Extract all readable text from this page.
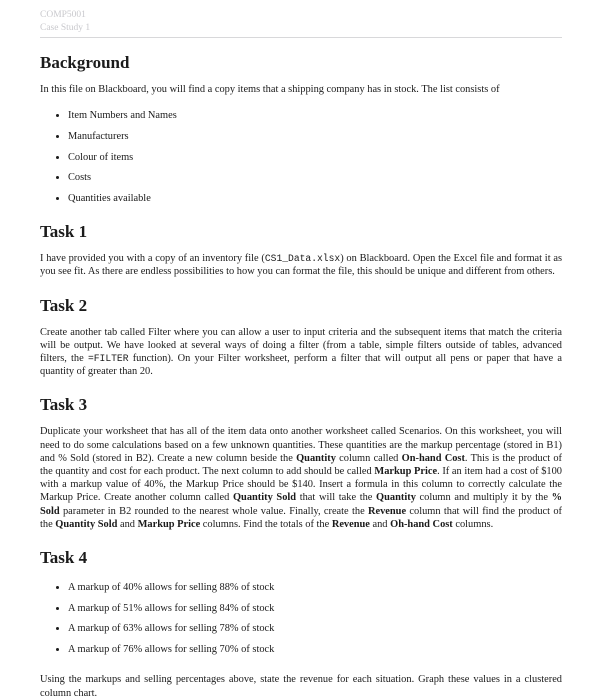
COMP5001
Case Study 1
Background

In this file on Blackboard, you will find a copy items that a shipping company has in stock. The list consists of

• Item Numbers and Names
• Manufacturers
• Colour of items
• Costs
• Quantities available
Task 1

I have provided you with a copy of an inventory file (CS1_Data.xlsx) on Blackboard. Open the Excel file and format it as you see fit. As there are endless possibilities to how you can format the file, this should be unique and different from others.

Task 2

Create another tab called Filter where you can allow a user to input criteria and the subsequent items that match the criteria will be output. We have looked at several ways of doing a filter (from a table, simple filters outside of tables, advanced filters, the =FILTER function). On your Filter worksheet, perform a filter that will output all pens or paper that have a quantity of greater than 20.

Task 3

Duplicate your worksheet that has all of the item data onto another worksheet called Scenarios. On this worksheet, you will need to do some calculations based on a few unknown quantities. These quantities are the markup percentage (stored in B1) and % Sold (stored in B2). Create a new column beside the Quantity column called On-hand Cost. This is the product of the quantity and cost for each product. The next column to add should be called Markup Price. If an item had a cost of $100 with a markup value of 40%, the Markup Price should be $140. Insert a formula in this column to correctly calculate the Markup Price. Create another column called Quantity Sold that will take the Quantity column and multiply it by the % Sold parameter in B2 rounded to the nearest whole value. Finally, create the Revenue column that will find the product of the Quantity Sold and Markup Price columns. Find the totals of the Revenue and Oh-hand Cost columns.

Task 4
• A markup of 40% allows for selling 88% of stock
• A markup of 51% allows for selling 84% of stock
• A markup of 63% allows for selling 78% of stock
• A markup of 76% allows for selling 70% of stock

Using the markups and selling percentages above, state the revenue for each situation. Graph these values in a clustered column chart.
